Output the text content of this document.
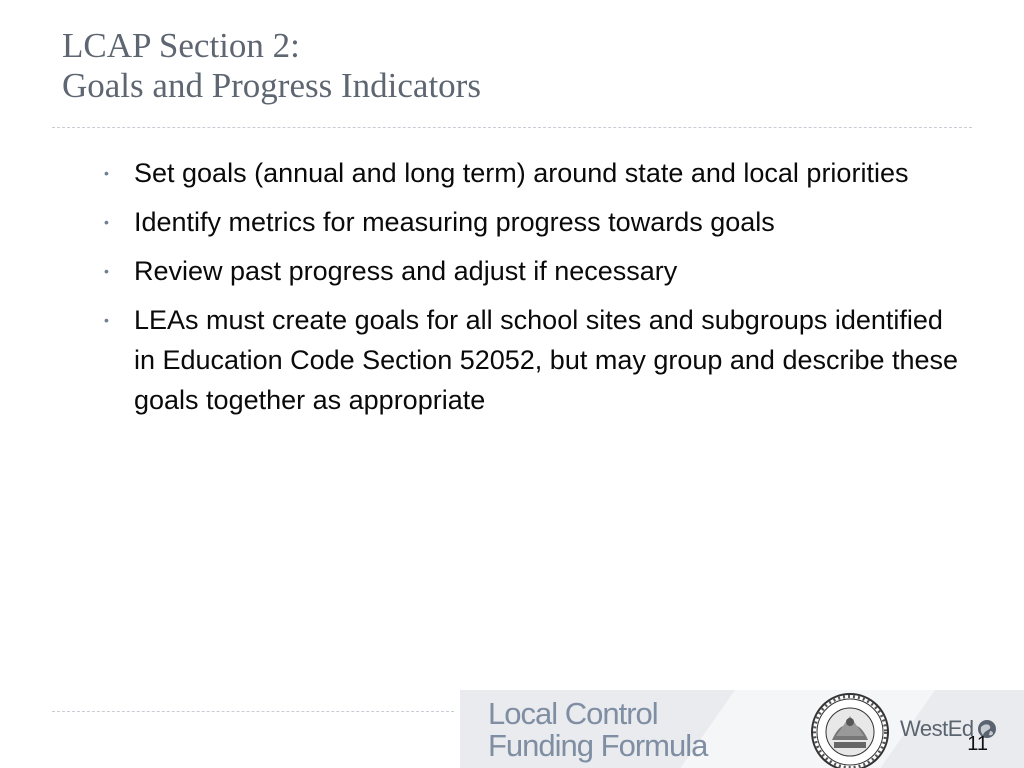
LCAP Section 2:
Goals and Progress Indicators
• Set goals (annual and long term) around state and local priorities
• Identify metrics for measuring progress towards goals
• Review past progress and adjust if necessary
• LEAs must create goals for all school sites and subgroups identified in Education Code Section 52052, but may group and describe these goals together as appropriate
Local Control
Funding Formula	WestEd
11
